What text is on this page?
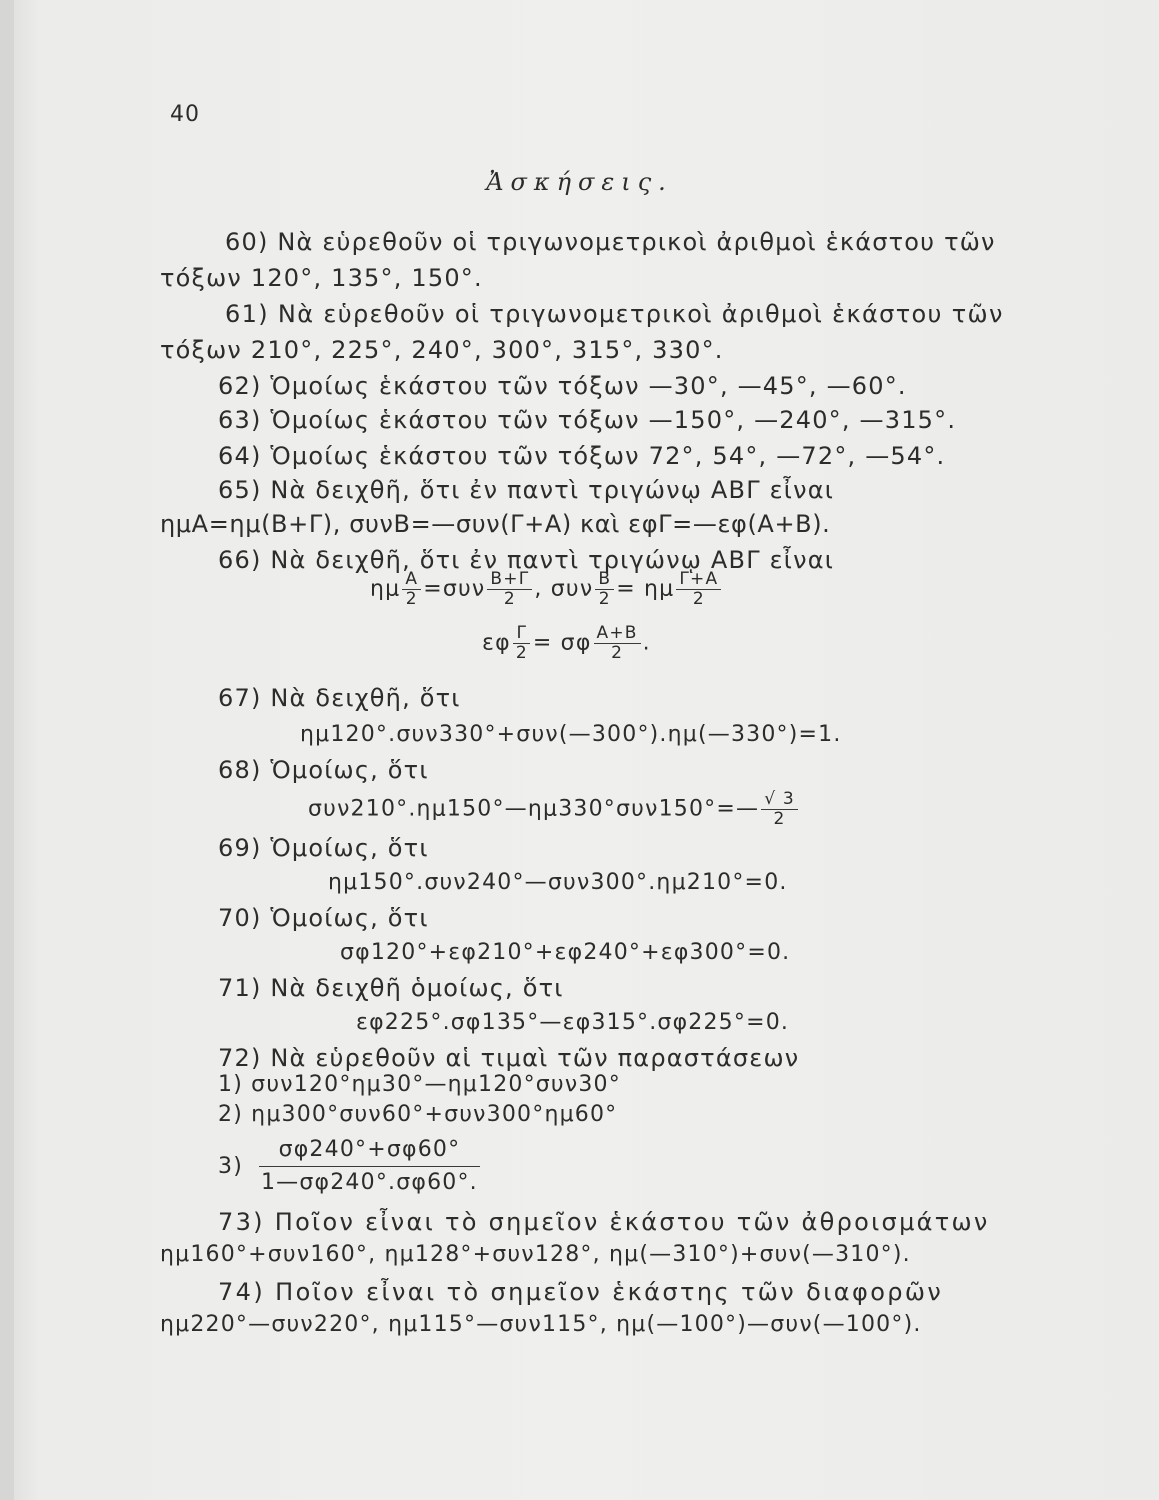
40
Ἀσκήσεις.
60) Νὰ εὑρεθοῦν οἱ τριγωνομετρικοὶ ἀριθμοὶ ἑκάστου τῶν
τόξων 120°, 135°, 150°.
61) Νὰ εὑρεθοῦν οἱ τριγωνομετρικοὶ ἀριθμοὶ ἑκάστου τῶν
τόξων 210°, 225°, 240°, 300°, 315°, 330°.
62) Ὁμοίως ἑκάστου τῶν τόξων —30°, —45°, —60°.
63) Ὁμοίως ἑκάστου τῶν τόξων —150°, —240°, —315°.
64) Ὁμοίως ἑκάστου τῶν τόξων 72°, 54°, —72°, —54°.
65) Νὰ δειχθῆ, ὅτι ἐν παντὶ τριγώνῳ ΑΒΓ εἶναι
ημΑ=ημ(Β+Γ), συνΒ=—συν(Γ+Α) καὶ εφΓ=—εφ(Α+Β).
66) Νὰ δειχθῆ, ὅτι ἐν παντὶ τριγώνῳ ΑΒΓ εἶναι
ημ $\frac{A}{2} =\sigma\upsilon\nu \frac{B+\Gamma}{2}$ , συν $\frac{B}{2} = \eta\mu \frac{\Gamma+A}{2}$
εφ $\frac{\Gamma}{2} = \sigma\varphi \frac{A+B}{2}$ .
67) Νὰ δειχθῆ, ὅτι
ημ120°.συν330°+συν(—300°).ημ(—330°)=1.
68) Ὁμοίως, ὅτι
συν210°.ημ150°—ημ330°συν150°=— $\frac{√ 3}{2}$
69) Ὁμοίως, ὅτι
ημ150°.συν240°—συν300°.ημ210°=0.
70) Ὁμοίως, ὅτι
σφ120°+εφ210°+εφ240°+εφ300°=0.
71) Νὰ δειχθῆ ὁμοίως, ὅτι
εφ225°.σφ135°—εφ315°.σφ225°=0.
72) Νὰ εὑρεθοῦν αἱ τιμαὶ τῶν παραστάσεων
1) συν120°ημ30°—ημ120°συν30°
2) ημ300°συν60°+συν300°ημ60°
3)
σφ240°+σφ60°
1—σφ240°.σφ60°.
73) Ποῖον εἶναι τὸ σημεῖον ἑκάστου τῶν ἀθροισμάτων
ημ160°+συν160°, ημ128°+συν128°, ημ(—310°)+συν(—310°).
74) Ποῖον εἶναι τὸ σημεῖον ἑκάστης τῶν διαφορῶν
ημ220°—συν220°, ημ115°—συν115°, ημ(—100°)—συν(—100°).
